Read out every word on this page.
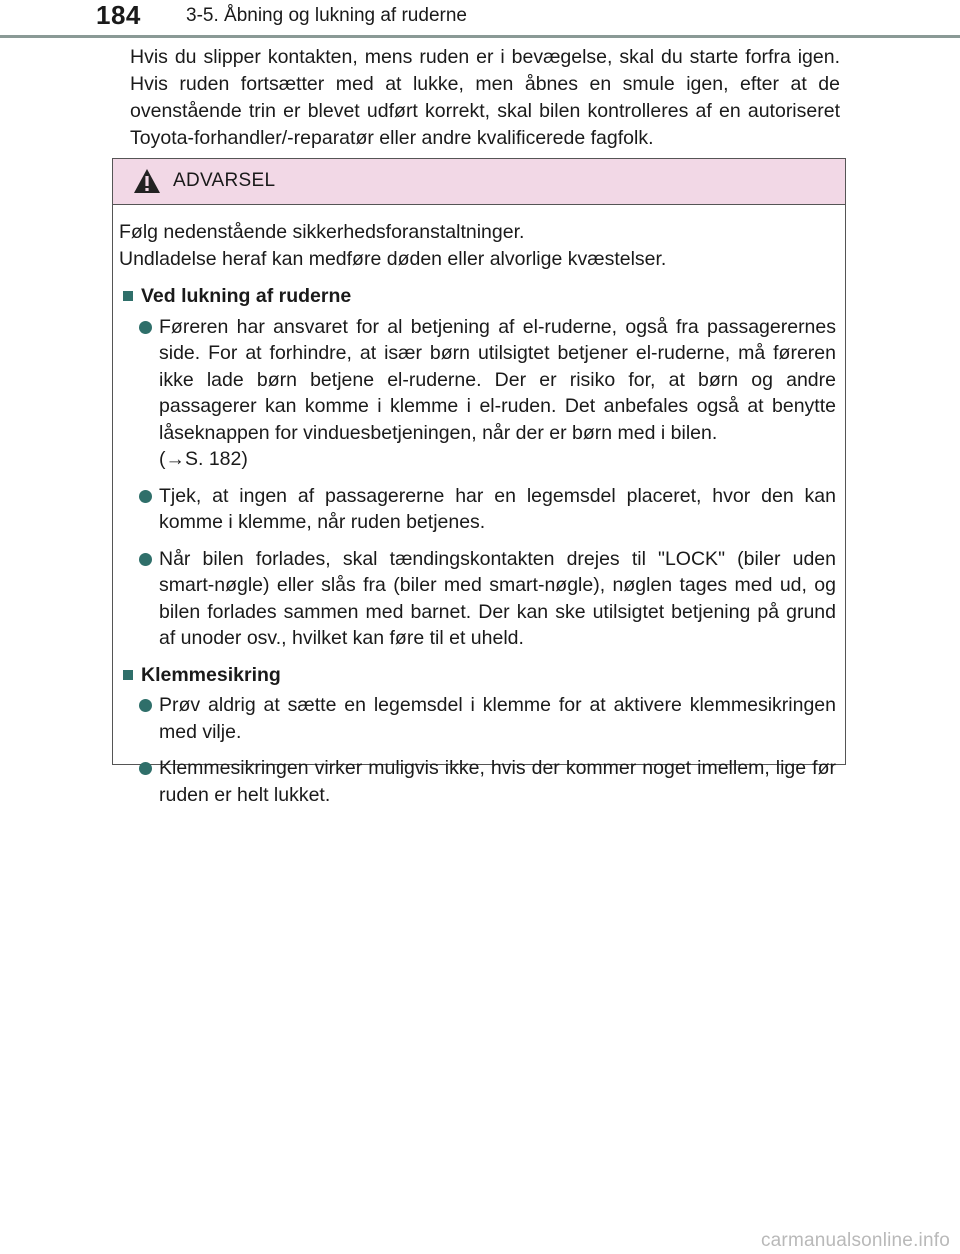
184 3-5. Åbning og lukning af ruderne

Hvis du slipper kontakten, mens ruden er i bevægelse, skal du starte forfra igen. Hvis ruden fortsætter med at lukke, men åbnes en smule igen, efter at de ovenstående trin er blevet udført korrekt, skal bilen kontrolleres af en autoriseret Toyota-forhandler/-reparatør eller andre kvalificerede fagfolk.

ADVARSEL
Følg nedenstående sikkerhedsforanstaltninger.
Undladelse heraf kan medføre døden eller alvorlige kvæstelser.
Ved lukning af ruderne
Føreren har ansvaret for al betjening af el-ruderne, også fra passagerernes side. For at forhindre, at især børn utilsigtet betjener el-ruderne, må føreren ikke lade børn betjene el-ruderne. Der er risiko for, at børn og andre passagerer kan komme i klemme i el-ruden. Det anbefales også at benytte låseknappen for vinduesbetjeningen, når der er børn med i bilen.
(→S. 182)
Tjek, at ingen af passagererne har en legemsdel placeret, hvor den kan komme i klemme, når ruden betjenes.
Når bilen forlades, skal tændingskontakten drejes til "LOCK" (biler uden smart-nøgle) eller slås fra (biler med smart-nøgle), nøglen tages med ud, og bilen forlades sammen med barnet. Der kan ske utilsigtet betjening på grund af unoder osv., hvilket kan føre til et uheld.
Klemmesikring
Prøv aldrig at sætte en legemsdel i klemme for at aktivere klemmesikringen med vilje.
Klemmesikringen virker muligvis ikke, hvis der kommer noget imellem, lige før ruden er helt lukket.
carmanualsonline.info
